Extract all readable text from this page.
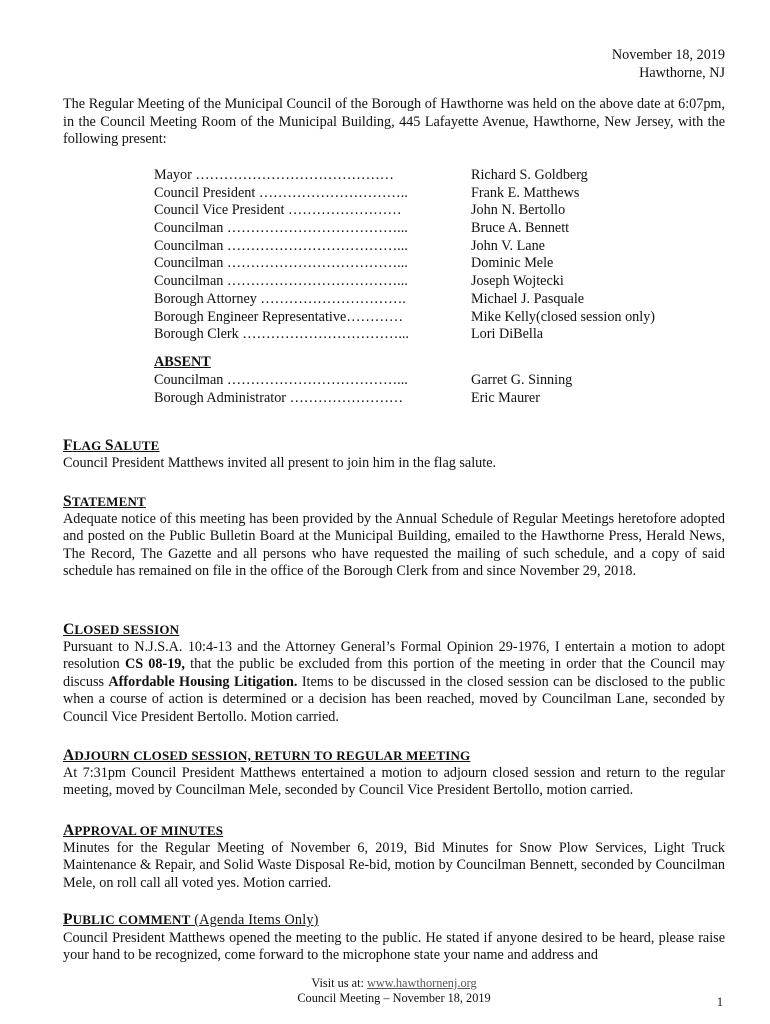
November 18, 2019
Hawthorne, NJ
The Regular Meeting of the Municipal Council of the Borough of Hawthorne was held on the above date at 6:07pm, in the Council Meeting Room of the Municipal Building, 445 Lafayette Avenue, Hawthorne, New Jersey, with the following present:
Mayor ……………………………………	Richard S. Goldberg
Council President …………………………..	Frank E. Matthews
Council Vice President ……………………	John N. Bertollo
Councilman ………………………………...	Bruce A. Bennett
Councilman ………………………………...	John V. Lane
Councilman ………………………………...	Dominic Mele
Councilman ………………………………...	Joseph Wojtecki
Borough Attorney ………………………….	Michael J. Pasquale
Borough Engineer Representative…………	Mike Kelly(closed session only)
Borough Clerk ……………………………...	Lori DiBella
ABSENT
Councilman ………………………………...	Garret G. Sinning
Borough Administrator ……………………	Eric Maurer
FLAG SALUTE
Council President Matthews invited all present to join him in the flag salute.
STATEMENT
Adequate notice of this meeting has been provided by the Annual Schedule of Regular Meetings heretofore adopted and posted on the Public Bulletin Board at the Municipal Building, emailed to the Hawthorne Press, Herald News, The Record, The Gazette and all persons who have requested the mailing of such schedule, and a copy of said schedule has remained on file in the office of the Borough Clerk from and since November 29, 2018.
CLOSED SESSION
Pursuant to N.J.S.A. 10:4-13 and the Attorney General’s Formal Opinion 29-1976, I entertain a motion to adopt resolution CS 08-19, that the public be excluded from this portion of the meeting in order that the Council may discuss Affordable Housing Litigation. Items to be discussed in the closed session can be disclosed to the public when a course of action is determined or a decision has been reached, moved by Councilman Lane, seconded by Council Vice President Bertollo. Motion carried.
ADJOURN CLOSED SESSION, RETURN TO REGULAR MEETING
At 7:31pm Council President Matthews entertained a motion to adjourn closed session and return to the regular meeting, moved by Councilman Mele, seconded by Council Vice President Bertollo, motion carried.
APPROVAL OF MINUTES
Minutes for the Regular Meeting of November 6, 2019, Bid Minutes for Snow Plow Services, Light Truck Maintenance & Repair, and Solid Waste Disposal Re-bid, motion by Councilman Bennett, seconded by Councilman Mele, on roll call all voted yes. Motion carried.
PUBLIC COMMENT (Agenda Items Only)
Council President Matthews opened the meeting to the public. He stated if anyone desired to be heard, please raise your hand to be recognized, come forward to the microphone state your name and address and
Visit us at: www.hawthornenj.org
Council Meeting – November 18, 2019	1
